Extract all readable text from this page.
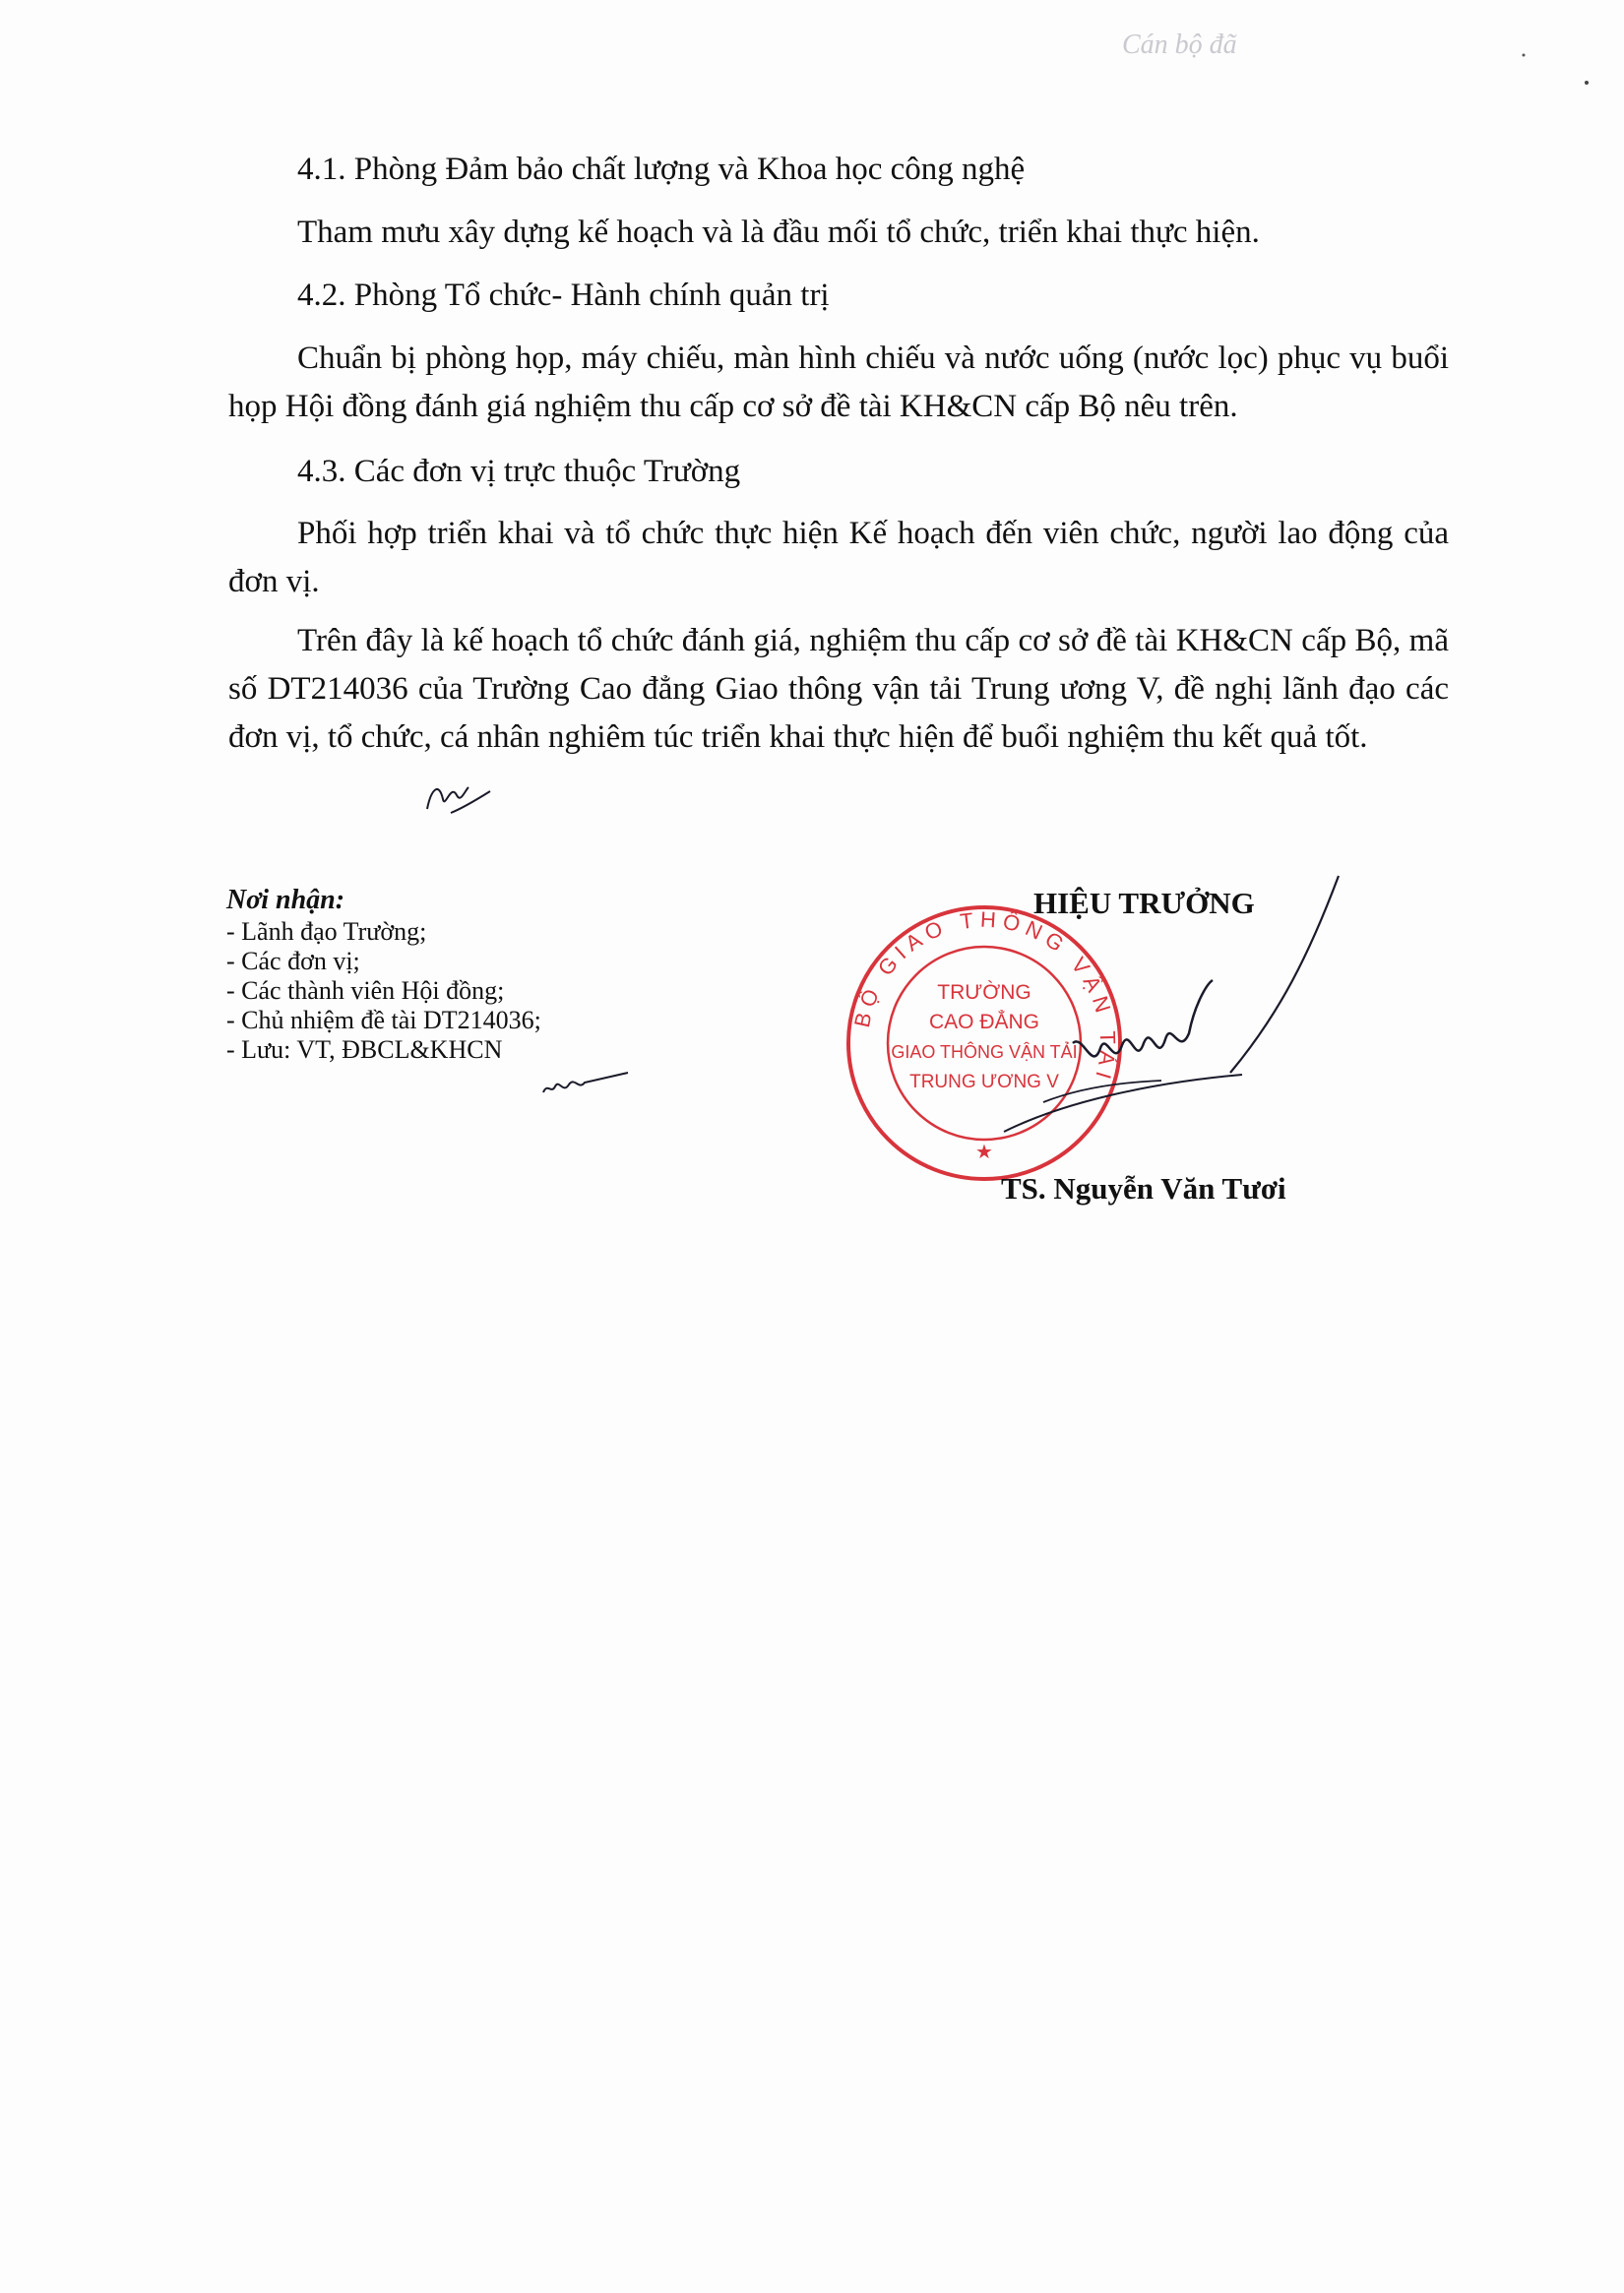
Cán bộ đã

4.1. Phòng Đảm bảo chất lượng và Khoa học công nghệ

Tham mưu xây dựng kế hoạch và là đầu mối tổ chức, triển khai thực hiện.

4.2. Phòng Tổ chức- Hành chính quản trị

Chuẩn bị phòng họp, máy chiếu, màn hình chiếu và nước uống (nước lọc) phục vụ buổi họp Hội đồng đánh giá nghiệm thu cấp cơ sở đề tài KH&CN cấp Bộ nêu trên.

4.3. Các đơn vị trực thuộc Trường

Phối hợp triển khai và tổ chức thực hiện Kế hoạch đến viên chức, người lao động của đơn vị.

Trên đây là kế hoạch tổ chức đánh giá, nghiệm thu cấp cơ sở đề tài KH&CN cấp Bộ, mã số DT214036 của Trường Cao đẳng Giao thông vận tải Trung ương V, đề nghị lãnh đạo các đơn vị, tổ chức, cá nhân nghiêm túc triển khai thực hiện để buổi nghiệm thu kết quả tốt.

Nơi nhận:
- Lãnh đạo Trường;
- Các đơn vị;
- Các thành viên Hội đồng;
- Chủ nhiệm đề tài DT214036;
- Lưu: VT, ĐBCL&KHCN
HIỆU TRƯỞNG
BỘ GIAO THÔNG VẬN TẢI
TRƯỜNG
CAO ĐẲNG
GIAO THÔNG VẬN TẢI
TRUNG ƯƠNG V
★
TS. Nguyễn Văn Tươi
